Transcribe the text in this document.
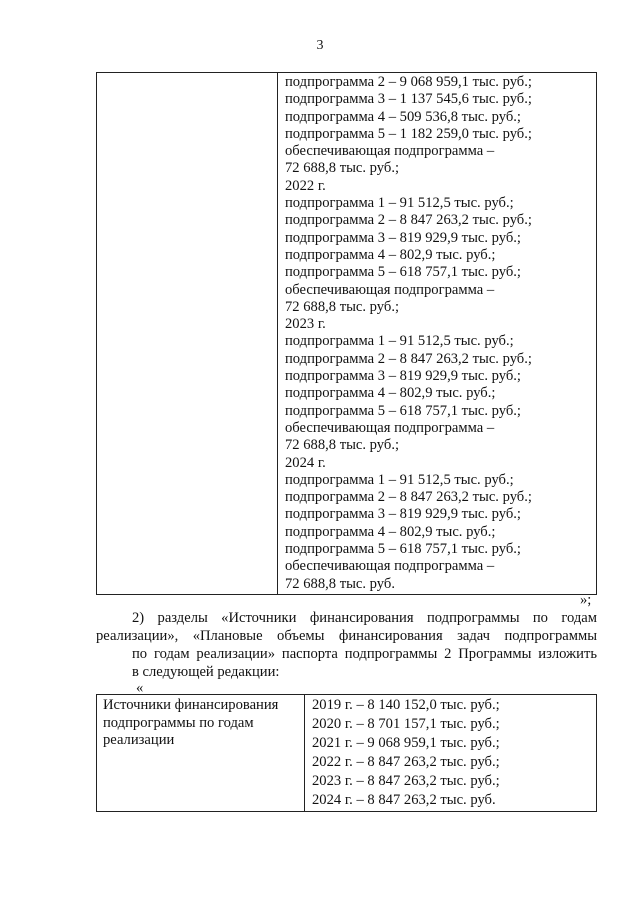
3

подпрограмма 2 – 9 068 959,1 тыс. руб.;
подпрограмма 3 – 1 137 545,6 тыс. руб.;
подпрограмма 4 – 509 536,8 тыс. руб.;
подпрограмма 5 – 1 182 259,0 тыс. руб.;
обеспечивающая подпрограмма –
72 688,8 тыс. руб.;
2022 г.
подпрограмма 1 – 91 512,5 тыс. руб.;
подпрограмма 2 – 8 847 263,2 тыс. руб.;
подпрограмма 3 – 819 929,9 тыс. руб.;
подпрограмма 4 – 802,9 тыс. руб.;
подпрограмма 5 – 618 757,1 тыс. руб.;
обеспечивающая подпрограмма –
72 688,8 тыс. руб.;
2023 г.
подпрограмма 1 – 91 512,5 тыс. руб.;
подпрограмма 2 – 8 847 263,2 тыс. руб.;
подпрограмма 3 – 819 929,9 тыс. руб.;
подпрограмма 4 – 802,9 тыс. руб.;
подпрограмма 5 – 618 757,1 тыс. руб.;
обеспечивающая подпрограмма –
72 688,8 тыс. руб.;
2024 г.
подпрограмма 1 – 91 512,5 тыс. руб.;
подпрограмма 2 – 8 847 263,2 тыс. руб.;
подпрограмма 3 – 819 929,9 тыс. руб.;
подпрограмма 4 – 802,9 тыс. руб.;
подпрограмма 5 – 618 757,1 тыс. руб.;
обеспечивающая подпрограмма –
72 688,8 тыс. руб.
»;
2) разделы «Источники финансирования подпрограммы по годам
реализации», «Плановые объемы финансирования задач подпрограммы
по годам реализации» паспорта подпрограммы 2 Программы изложить
в следующей редакции:
«
Источники финансирования подпрограммы по годам реализации	
2019 г. – 8 140 152,0 тыс. руб.;
2020 г. – 8 701 157,1 тыс. руб.;
2021 г. – 9 068 959,1 тыс. руб.;
2022 г. – 8 847 263,2 тыс. руб.;
2023 г. – 8 847 263,2 тыс. руб.;
2024 г. – 8 847 263,2 тыс. руб.
